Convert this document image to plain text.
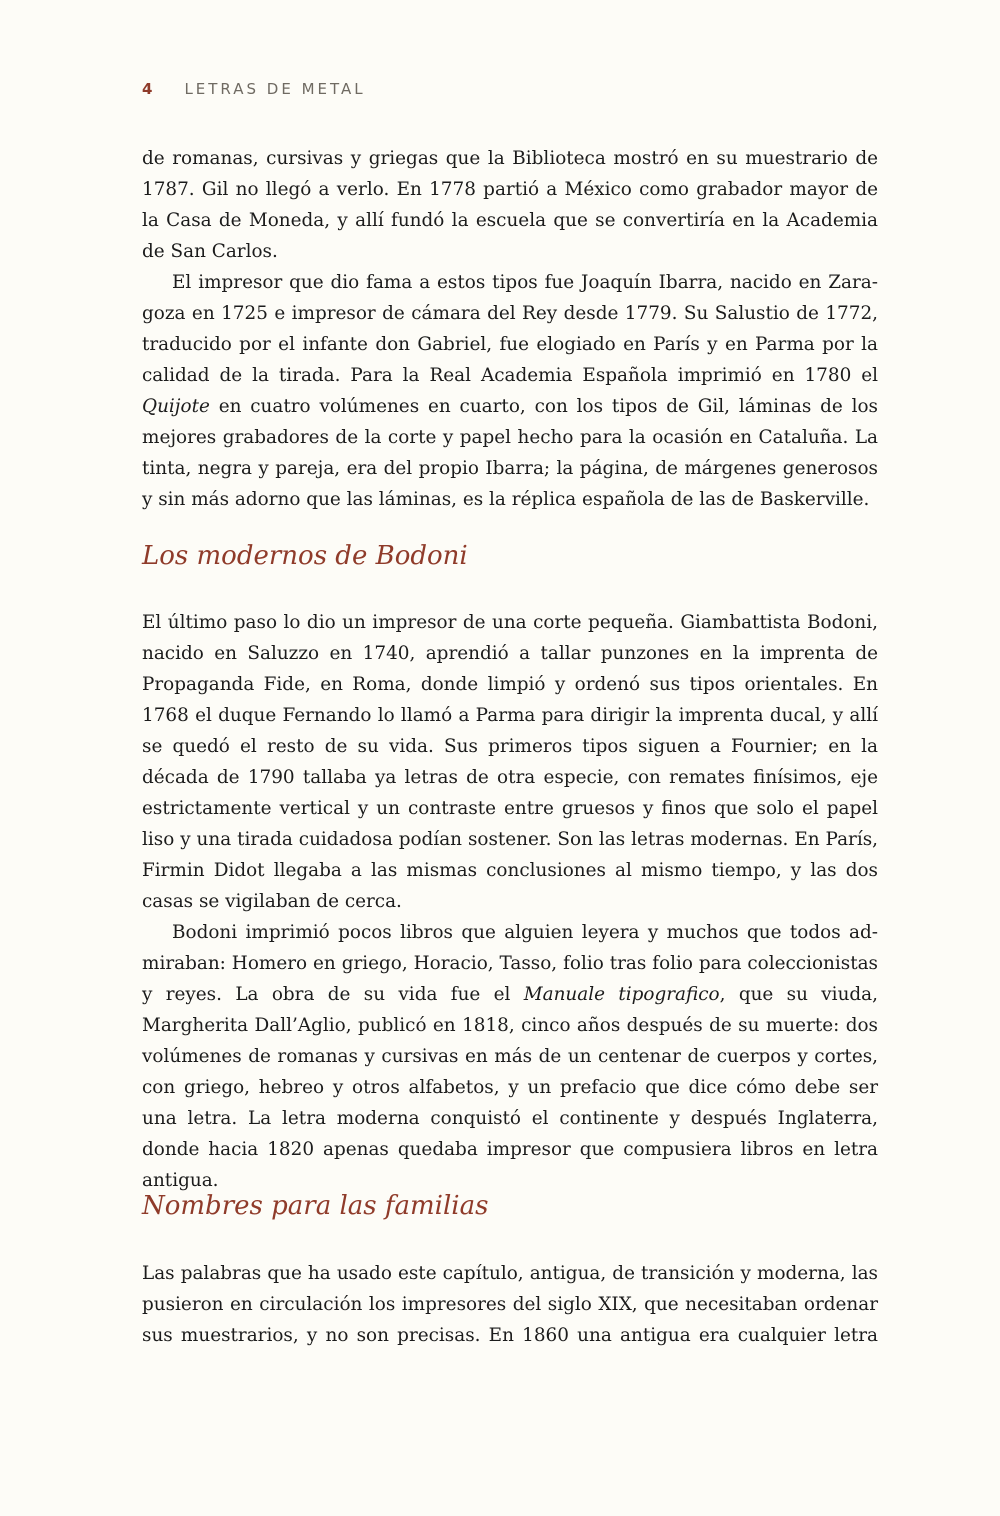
4 LETRAS DE METAL

de romanas, cursivas y griegas que la Biblioteca mostró en su muestrario de 1787. Gil no llegó a verlo. En 1778 partió a México como grabador mayor de la Casa de Moneda, y allí fundó la escuela que se convertiría en la Academia de San Carlos.

El impresor que dio fama a estos tipos fue Joaquín Ibarra, nacido en Zaragoza en 1725 e impresor de cámara del Rey desde 1779. Su Salustio de 1772, traducido por el infante don Gabriel, fue elogiado en París y en Parma por la calidad de la tirada. Para la Real Academia Española imprimió en 1780 el Quijote en cuatro volúmenes en cuarto, con los tipos de Gil, láminas de los mejores grabadores de la corte y papel hecho para la ocasión en Cataluña. La tinta, negra y pareja, era del propio Ibarra; la página, de márgenes generosos y sin más adorno que las láminas, es la réplica española de las de Baskerville.

Los modernos de Bodoni

El último paso lo dio un impresor de una corte pequeña. Giambattista Bodoni, nacido en Saluzzo en 1740, aprendió a tallar punzones en la imprenta de Propaganda Fide, en Roma, donde limpió y ordenó sus tipos orientales. En 1768 el duque Fernando lo llamó a Parma para dirigir la imprenta ducal, y allí se quedó el resto de su vida. Sus primeros tipos siguen a Fournier; en la década de 1790 tallaba ya letras de otra especie, con remates finísimos, eje estrictamente vertical y un contraste entre gruesos y finos que solo el papel liso y una tirada cuidadosa podían sostener. Son las letras modernas. En París, Firmin Didot llegaba a las mismas conclusiones al mismo tiempo, y las dos casas se vigilaban de cerca.

Bodoni imprimió pocos libros que alguien leyera y muchos que todos admiraban: Homero en griego, Horacio, Tasso, folio tras folio para coleccionistas y reyes. La obra de su vida fue el Manuale tipografico, que su viuda, Margherita Dall’Aglio, publicó en 1818, cinco años después de su muerte: dos volúmenes de romanas y cursivas en más de un centenar de cuerpos y cortes, con griego, hebreo y otros alfabetos, y un prefacio que dice cómo debe ser una letra. La letra moderna conquistó el continente y después Inglaterra, donde hacia 1820 apenas quedaba impresor que compusiera libros en letra antigua.

Nombres para las familias

Las palabras que ha usado este capítulo, antigua, de transición y moderna, las pusieron en circulación los impresores del siglo XIX, que necesitaban ordenar sus muestrarios, y no son precisas. En 1860 una antigua era cualquier letra
